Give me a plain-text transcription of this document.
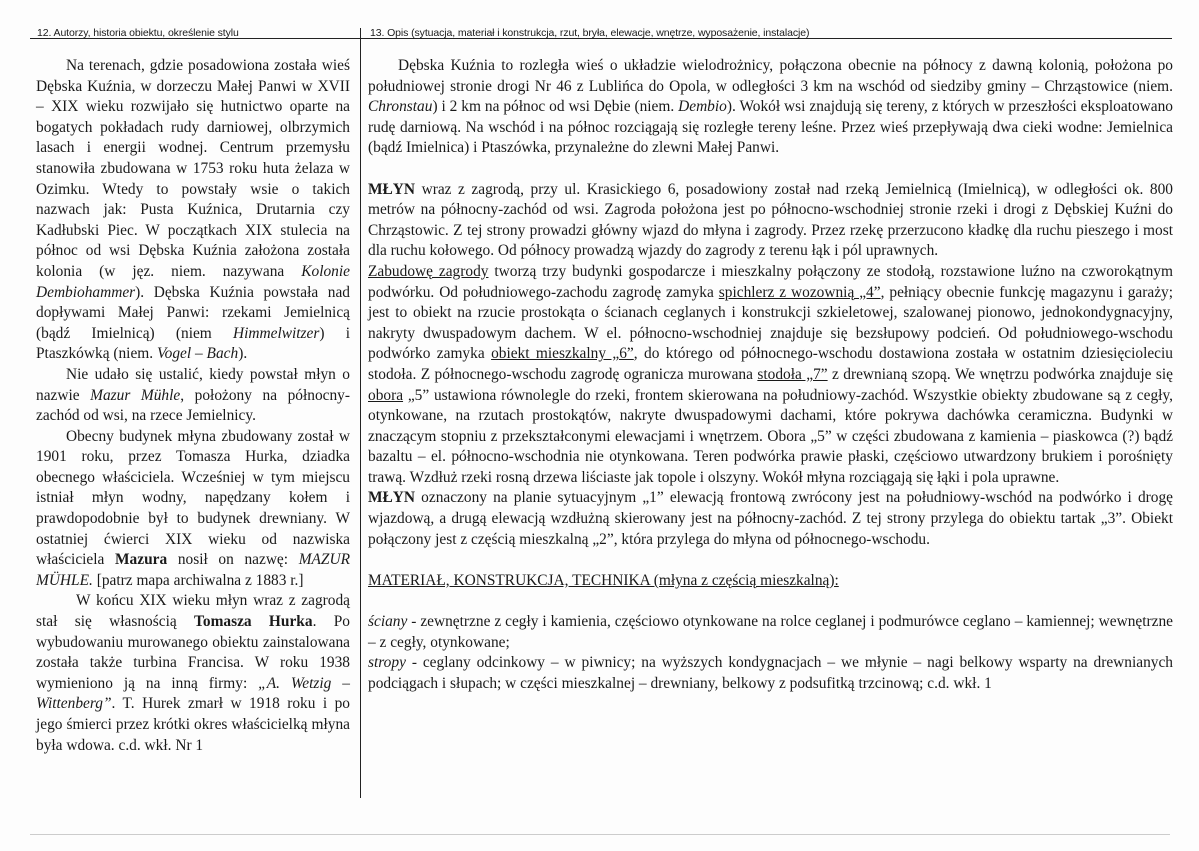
12. Autorzy, historia obiektu, określenie stylu	13. Opis (sytuacja, materiał i konstrukcja, rzut, bryła, elewacje, wnętrze, wyposażenie, instalacje)

Na terenach, gdzie posadowiona została wieś Dębska Kuźnia, w dorzeczu Małej Panwi w XVII – XIX wieku rozwijało się hutnictwo oparte na bogatych pokładach rudy darniowej, olbrzymich lasach i energii wodnej. Centrum przemysłu stanowiła zbudowana w 1753 roku huta żelaza w Ozimku. Wtedy to powstały wsie o takich nazwach jak: Pusta Kuźnica, Drutarnia czy Kadłubski Piec. W początkach XIX stulecia na północ od wsi Dębska Kuźnia założona została kolonia (w jęz. niem. nazywana Kolonie Dembiohammer). Dębska Kuźnia powstała nad dopływami Małej Panwi: rzekami Jemielnicą (bądź Imielnicą) (niem Himmelwitzer) i Ptaszkówką (niem. Vogel – Bach).

Nie udało się ustalić, kiedy powstał młyn o nazwie Mazur Mühle, położony na północny-zachód od wsi, na rzece Jemielnicy.

Obecny budynek młyna zbudowany został w 1901 roku, przez Tomasza Hurka, dziadka obecnego właściciela. Wcześniej w tym miejscu istniał młyn wodny, napędzany kołem i prawdopodobnie był to budynek drewniany. W ostatniej ćwierci XIX wieku od nazwiska właściciela Mazura nosił on nazwę: MAZUR MÜHLE. [patrz mapa archiwalna z 1883 r.]

W końcu XIX wieku młyn wraz z zagrodą stał się własnością Tomasza Hurka. Po wybudowaniu murowanego obiektu zainstalowana została także turbina Francisa. W roku 1938 wymieniono ją na inną firmy: „A. Wetzig – Wittenberg”. T. Hurek zmarł w 1918 roku i po jego śmierci przez krótki okres właścicielką młyna była wdowa. c.d. wkł. Nr 1

Dębska Kuźnia to rozległa wieś o układzie wielodrożnicy, połączona obecnie na północy z dawną kolonią, położona po południowej stronie drogi Nr 46 z Lublińca do Opola, w odległości 3 km na wschód od siedziby gminy – Chrząstowice (niem. Chronstau) i 2 km na północ od wsi Dębie (niem. Dembio). Wokół wsi znajdują się tereny, z których w przeszłości eksploatowano rudę darniową. Na wschód i na północ rozciągają się rozległe tereny leśne. Przez wieś przepływają dwa cieki wodne: Jemielnica (bądź Imielnica) i Ptaszówka, przynależne do zlewni Małej Panwi.

MŁYN wraz z zagrodą, przy ul. Krasickiego 6, posadowiony został nad rzeką Jemielnicą (Imielnicą), w odległości ok. 800 metrów na północny-zachód od wsi. Zagroda położona jest po północno-wschodniej stronie rzeki i drogi z Dębskiej Kuźni do Chrząstowic. Z tej strony prowadzi główny wjazd do młyna i zagrody. Przez rzekę przerzucono kładkę dla ruchu pieszego i most dla ruchu kołowego. Od północy prowadzą wjazdy do zagrody z terenu łąk i pól uprawnych.

Zabudowę zagrody tworzą trzy budynki gospodarcze i mieszkalny połączony ze stodołą, rozstawione luźno na czworokątnym podwórku. Od południowego-zachodu zagrodę zamyka spichlerz z wozownią „4”, pełniący obecnie funkcję magazynu i garaży; jest to obiekt na rzucie prostokąta o ścianach ceglanych i konstrukcji szkieletowej, szalowanej pionowo, jednokondygnacyjny, nakryty dwuspadowym dachem. W el. północno-wschodniej znajduje się bezsłupowy podcień. Od południowego-wschodu podwórko zamyka obiekt mieszkalny „6”, do którego od północnego-wschodu dostawiona została w ostatnim dziesięcioleciu stodoła. Z północnego-wschodu zagrodę ogranicza murowana stodoła „7” z drewnianą szopą. We wnętrzu podwórka znajduje się obora „5” ustawiona równolegle do rzeki, frontem skierowana na południowy-zachód. Wszystkie obiekty zbudowane są z cegły, otynkowane, na rzutach prostokątów, nakryte dwuspadowymi dachami, które pokrywa dachówka ceramiczna. Budynki w znaczącym stopniu z przekształconymi elewacjami i wnętrzem. Obora „5” w części zbudowana z kamienia – piaskowca (?) bądź bazaltu – el. północno-wschodnia nie otynkowana. Teren podwórka prawie płaski, częściowo utwardzony brukiem i porośnięty trawą. Wzdłuż rzeki rosną drzewa liściaste jak topole i olszyny. Wokół młyna rozciągają się łąki i pola uprawne.

MŁYN oznaczony na planie sytuacyjnym „1” elewacją frontową zwrócony jest na południowy-wschód na podwórko i drogę wjazdową, a drugą elewacją wzdłużną skierowany jest na północny-zachód. Z tej strony przylega do obiektu tartak „3”. Obiekt połączony jest z częścią mieszkalną „2”, która przylega do młyna od północnego-wschodu.

MATERIAŁ, KONSTRUKCJA, TECHNIKA (młyna z częścią mieszkalną):

ściany - zewnętrzne z cegły i kamienia, częściowo otynkowane na rolce ceglanej i podmurówce ceglano – kamiennej; wewnętrzne – z cegły, otynkowane;

stropy - ceglany odcinkowy – w piwnicy; na wyższych kondygnacjach – we młynie – nagi belkowy wsparty na drewnianych podciągach i słupach; w części mieszkalnej – drewniany, belkowy z podsufitką trzcinową; c.d. wkł. 1
